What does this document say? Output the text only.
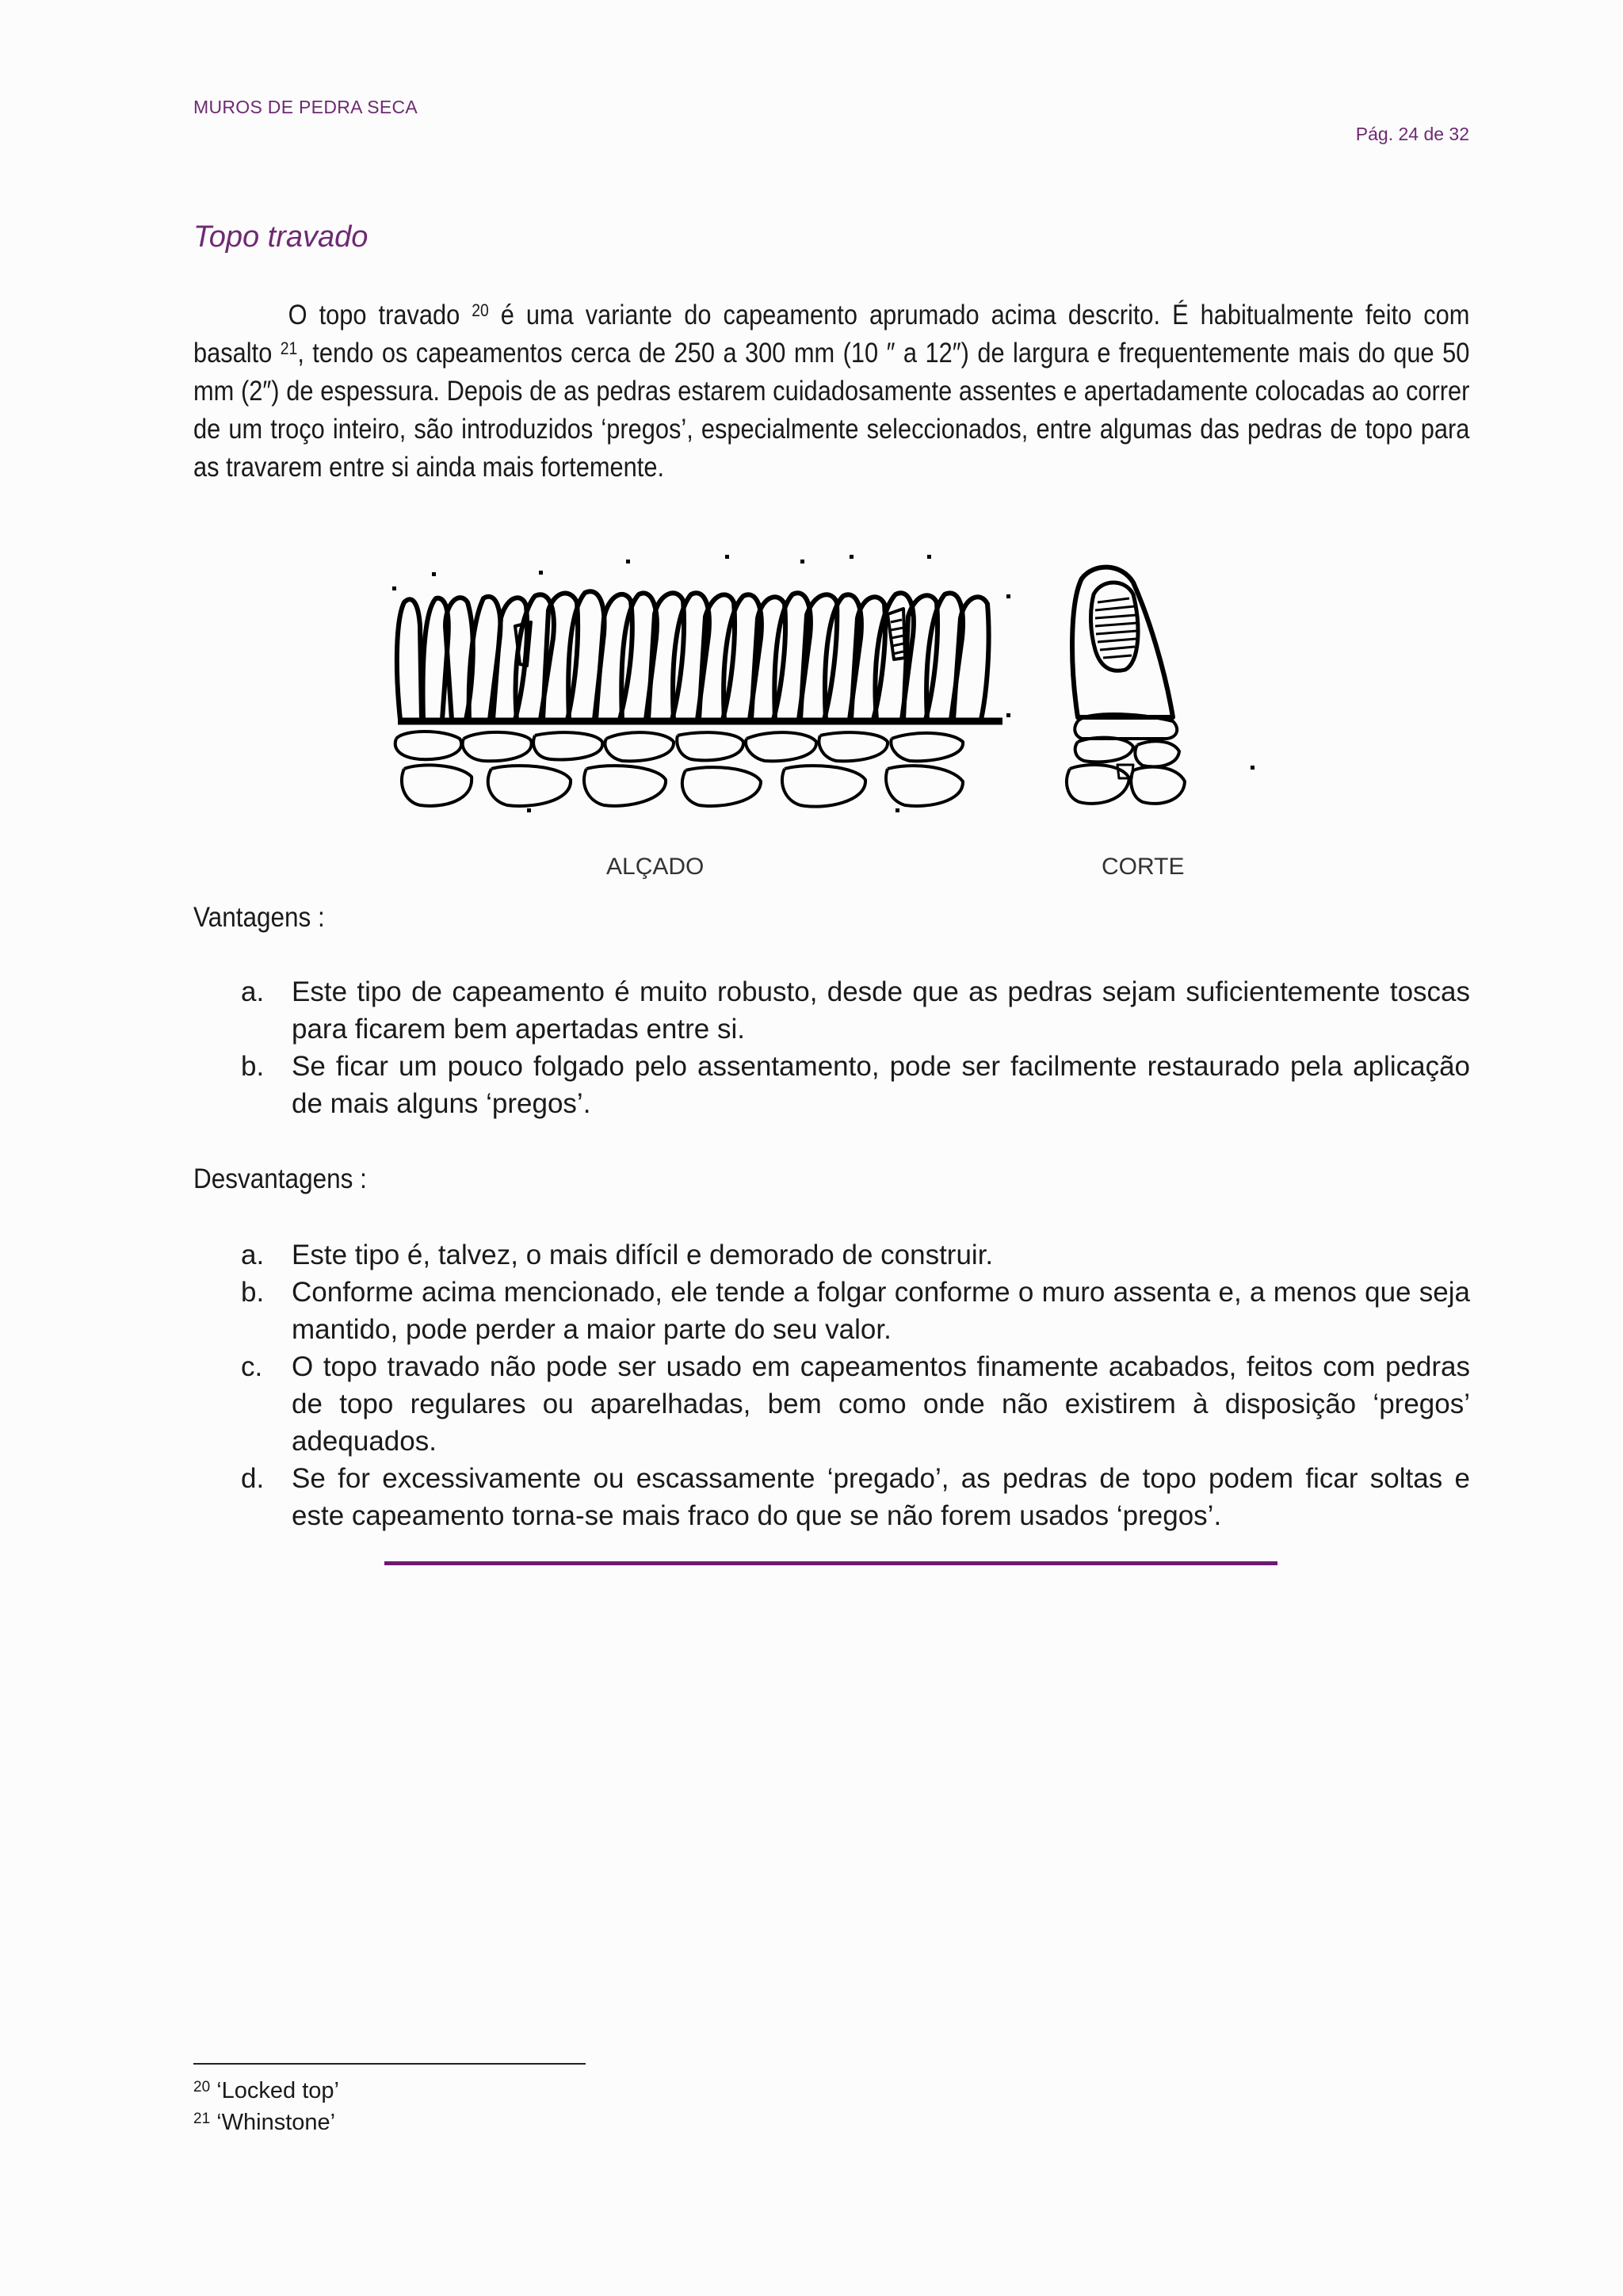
MUROS DE PEDRA SECA
Pág. 24 de 32
Topo travado
O topo travado $^{20}$ é uma variante do capeamento aprumado acima descrito. É habitualmente feito com basalto $^{21}$, tendo os capeamentos cerca de 250 a 300 mm (10 ″ a 12″) de largura e frequentemente mais do que 50 mm (2″) de espessura. Depois de as pedras estarem cuidadosamente assentes e apertadamente colocadas ao correr de um troço inteiro, são introduzidos ‘pregos’, especialmente seleccionados, entre algumas das pedras de topo para as travarem entre si ainda mais fortemente.
ALÇADO	CORTE
Vantagens :
a. Este tipo de capeamento é muito robusto, desde que as pedras sejam suficientemente toscas para ficarem bem apertadas entre si.
b. Se ficar um pouco folgado pelo assentamento, pode ser facilmente restaurado pela aplicação de mais alguns ‘pregos’.
Desvantagens :
a. Este tipo é, talvez, o mais difícil e demorado de construir.
b. Conforme acima mencionado, ele tende a folgar conforme o muro assenta e, a menos que seja mantido, pode perder a maior parte do seu valor.
c. O topo travado não pode ser usado em capeamentos finamente acabados, feitos com pedras de topo regulares ou aparelhadas, bem como onde não existirem à disposição ‘pregos’ adequados.
d. Se for excessivamente ou escassamente ‘pregado’, as pedras de topo podem ficar soltas e este capeamento torna-se mais fraco do que se não forem usados ‘pregos’.
$^{20}$ ‘Locked top’
$^{21}$ ‘Whinstone’
